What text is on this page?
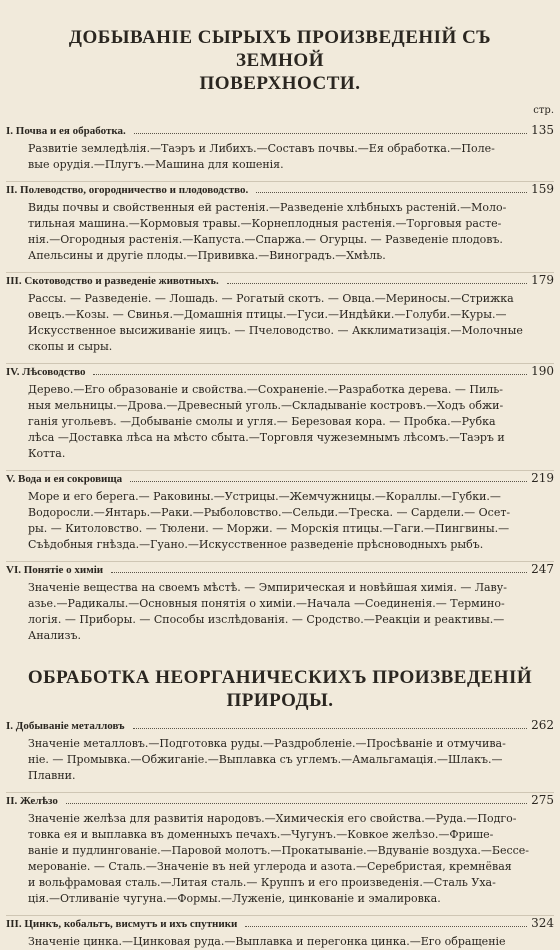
ДОБЫВАНІЕ СЫРЫХЪ ПРОИЗВЕДЕНІЙ СЪ ЗЕМНОЙ
ПОВЕРХНОСТИ.
стр.
I. Почва и ея обработка.	135
Развитіе земледѣлія.—Таэръ и Либихъ.—Составъ почвы.—Ея обработка.—Поле-
вые орудія.—Плугъ.—Машина для кошенія.
II. Полеводство, огородничество и плодоводство.	159
Виды почвы и свойственныя ей растенія.—Разведеніе хлѣбныхъ растеній.—Моло-
тильная машина.—Кормовыя травы.—Корнеплодныя растенія.—Торговыя расте-
нія.—Огородныя растенія.—Капуста.—Спаржа.— Огурцы. — Разведеніе плодовъ.
Апельсины и другіе плоды.—Прививка.—Виноградъ.—Хмѣль.
III. Скотоводство и разведеніе животныхъ.	179
Рассы. — Разведеніе. — Лошадь. — Рогатый скотъ. — Овца.—Мериносы.—Стрижка
овецъ.—Козы. — Свинья.—Домашнія птицы.—Гуси.—Индѣйки.—Голуби.—Куры.—
Искусственное высиживаніе яицъ. — Пчеловодство. — Акклиматизація.—Молочные
скопы и сыры.
IV. Лѣсоводство	190
Дерево.—Его образованіе и свойства.—Сохраненіе.—Разработка дерева. — Пиль-
ныя мельницы.—Дрова.—Древесный уголь.—Складываніе костровъ.—Ходъ обжи-
ганія угольевъ. —Добываніе смолы и угля.— Березовая кора. — Пробка.—Рубка
лѣса —Доставка лѣса на мѣсто сбыта.—Торговля чужеземнымъ лѣсомъ.—Таэръ и
Котта.
V. Вода и ея сокровища	219
Море и его берега.— Раковины.—Устрицы.—Жемчужницы.—Кораллы.—Губки.—
Водоросли.—Янтарь.—Раки.—Рыболовство.—Сельди.—Треска. — Сардели.— Осет-
ры. — Китоловство. — Тюлени. — Моржи. — Морскія птицы.—Гаги.—Пингвины.—
Съѣдобныя гнѣзда.—Гуано.—Искусственное разведеніе прѣсноводныхъ рыбъ.
VI. Понятіе о химіи	247
Значеніе вещества на своемъ мѣстѣ. — Эмпирическая и новѣйшая химія. — Лаву-
азье.—Радикалы.—Основныя понятія о химіи.—Начала —Соединенія.— Термино-
логія. — Приборы. — Способы изслѣдованія. — Сродство.—Реакціи и реактивы.—
Анализъ.
ОБРАБОТКА НЕОРГАНИЧЕСКИХЪ ПРОИЗВЕДЕНІЙ
ПРИРОДЫ.
I. Добываніе металловъ	262
Значеніе металловъ.—Подготовка руды.—Раздробленіе.—Просѣваніе и отмучива-
ніе. — Промывка.—Обжиганіе.—Выплавка съ углемъ.—Амальгамація.—Шлакъ.—
Плавни.
II. Желѣзо	275
Значеніе желѣза для развитія народовъ.—Химическія его свойства.—Руда.—Подго-
товка ея и выплавка въ доменныхъ печахъ.—Чугунъ.—Ковкое желѣзо.—Фрише-
ваніе и пудлингованіе.—Паровой молотъ.—Прокатываніе.—Вдуваніе воздуха.—Бессе-
мерованіе. — Сталь.—Значеніе въ ней углерода и азота.—Серебристая, кремнёвая
и вольфрамовая сталь.—Литая сталь.— Круппъ и его произведенія.—Сталь Уха-
ція.—Отливаніе чугуна.—Формы.—Луженіе, цинкованіе и эмалировка.
III. Цинкъ, кобальтъ, висмутъ и ихъ спутники	324
Значеніе цинка.—Цинковая руда.—Выплавка и перегонка цинка.—Его обращеніе
